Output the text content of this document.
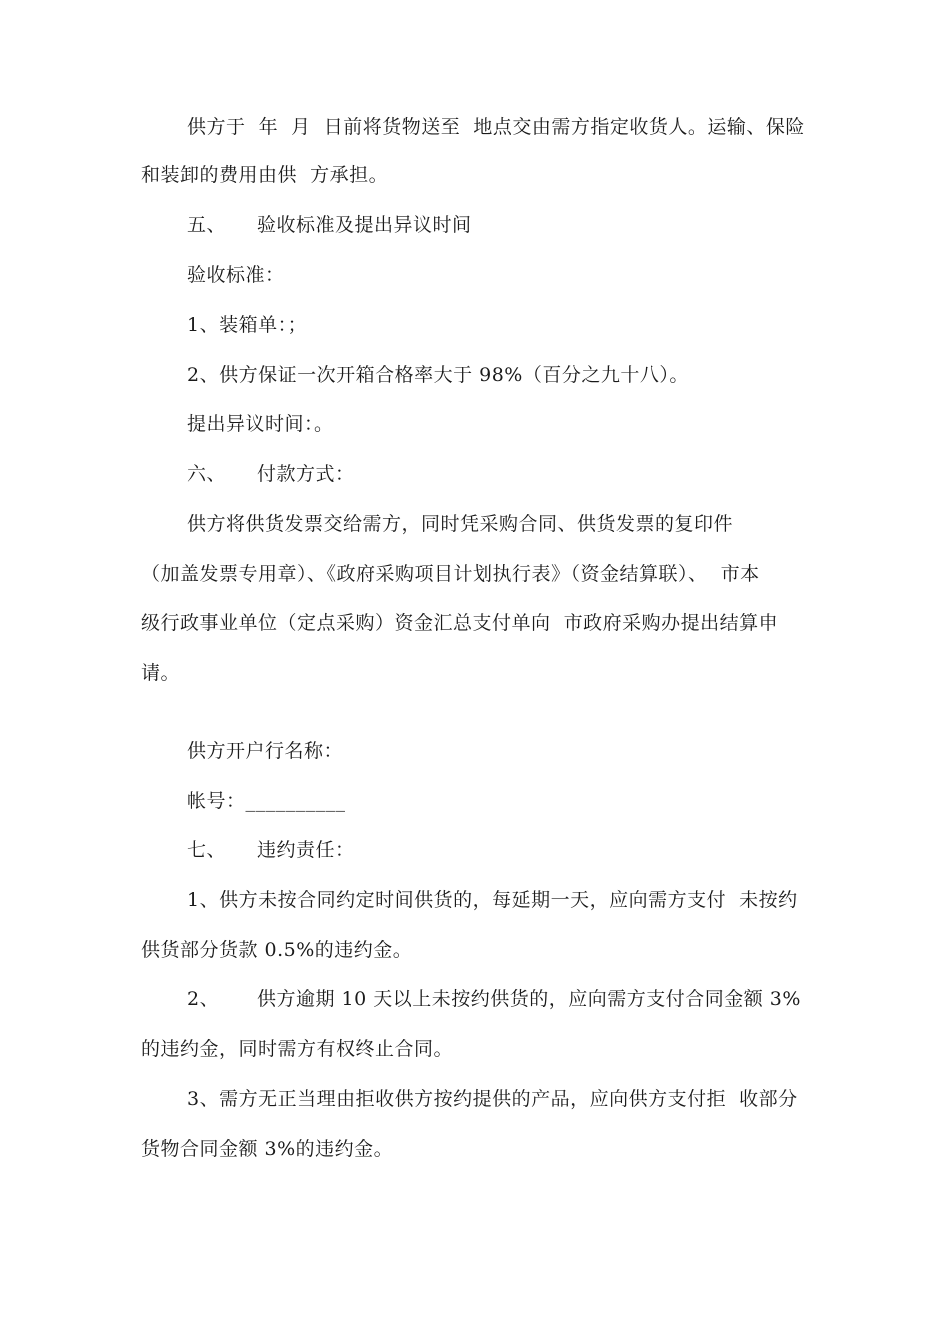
供方于  年  月  日前将货物送至  地点交由需方指定收货人。运输、保险
和装卸的费用由供  方承担。
五、 验收标准及提出异议时间
验收标准：
1、装箱单：；
2、供方保证一次开箱合格率大于 98%（百分之九十八）。
提出异议时间：。
六、 付款方式：
供方将供货发票交给需方，同时凭采购合同、供货发票的复印件
（加盖发票专用章）、《政府采购项目计划执行表》（资金结算联）、  市本
级行政事业单位（定点采购）资金汇总支付单向  市政府采购办提出结算申
请。
供方开户行名称：
帐号：__________
七、 违约责任：
1、供方未按合同约定时间供货的，每延期一天，应向需方支付  未按约
供货部分货款 0.5%的违约金。
2、 供方逾期 10 天以上未按约供货的，应向需方支付合同金额 3%
的违约金，同时需方有权终止合同。
3、需方无正当理由拒收供方按约提供的产品，应向供方支付拒  收部分
货物合同金额 3%的违约金。
